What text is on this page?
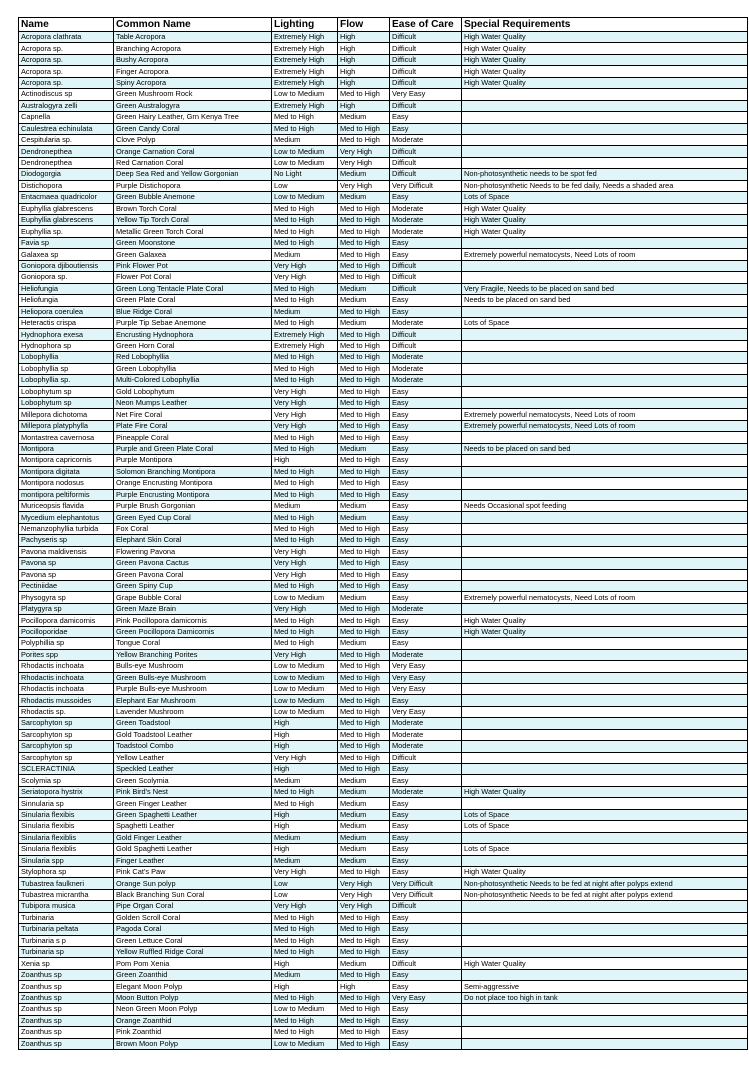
Name	Common Name	Lighting	Flow	Ease of Care	Special Requirements
Acropora clathrata	Table Acropora	Extremely High	High	Difficult	High Water Quality
Acropora sp.	Branching Acropora	Extremely High	High	Difficult	High Water Quality
Acropora sp.	Bushy Acropora	Extremely High	High	Difficult	High Water Quality
Acropora sp.	Finger Acropora	Extremely High	High	Difficult	High Water Quality
Acropora sp.	Spiny Acropora	Extremely High	High	Difficult	High Water Quality
Actinodiscus sp	Green Mushroom Rock	Low to Medium	Med to High	Very Easy	
Australogyra zelli	Green Australogyra	Extremely High	High	Difficult	
Capnella	Green Hairy Leather, Grn Kenya Tree	Med to High	Medium	Easy	
Caulestrea echinulata	Green Candy Coral	Med to High	Med to High	Easy	
Cespitularia sp.	Clove Polyp	Medium	Med to High	Moderate	
Dendronepthea	Orange Carnation Coral	Low to Medium	Very High	Difficult	
Dendronepthea	Red Carnation Coral	Low to Medium	Very High	Difficult	
Diodogorgia	Deep Sea Red and Yellow Gorgonian	No Light	Medium	Difficult	Non-photosynthetic needs to be spot fed
Distichopora	Purple Distichopora	Low	Very High	Very Difficult	Non-photosynthetic Needs to be fed daily, Needs a shaded area
Entacmaea quadricolor	Green Bubble Anemone	Low to Medium	Medium	Easy	Lots of Space
Euphyllia glabrescens	Brown Torch Coral	Med to High	Med to High	Moderate	High Water Quality
Euphyllia glabrescens	Yellow Tip Torch Coral	Med to High	Med to High	Moderate	High Water Quality
Euphyllia sp.	Metallic Green Torch Coral	Med to High	Med to High	Moderate	High Water Quality
Favia sp	Green Moonstone	Med to High	Med to High	Easy	
Galaxea sp	Green Galaxea	Medium	Med to High	Easy	Extremely powerful nematocysts, Need Lots of room
Goniopora djiboutiensis	Pink Flower Pot	Very High	Med to High	Difficult	
Goniopora sp.	Flower Pot Coral	Very High	Med to High	Difficult	
Heliofungia	Green Long Tentacle Plate Coral	Med to High	Medium	Difficult	Very Fragile, Needs to be placed on sand bed
Heliofungia	Green Plate Coral	Med to High	Medium	Easy	Needs to be placed on sand bed
Heliopora coerulea	Blue Ridge Coral	Medium	Med to High	Easy	
Heteractis crispa	Purple Tip Sebae Anemone	Med to High	Medium	Moderate	Lots of Space
Hydnophora exesa	Encrusting Hydnophora	Extremely High	Med to High	Difficult	
Hydnophora sp	Green Horn Coral	Extremely High	Med to High	Difficult	
Lobophyllia	Red Lobophyllia	Med to High	Med to High	Moderate	
Lobophyllia sp	Green Lobophyllia	Med to High	Med to High	Moderate	
Lobophyllia sp.	Multi-Colored Lobophyllia	Med to High	Med to High	Moderate	
Lobophytum sp	Gold Lobophytum	Very High	Med to High	Easy	
Lobophytum sp	Neon Mumps Leather	Very High	Med to High	Easy	
Millepora dichotoma	Net Fire Coral	Very High	Med to High	Easy	Extremely powerful nematocysts, Need Lots of room
Millepora platyphylla	Plate Fire Coral	Very High	Med to High	Easy	Extremely powerful nematocysts, Need Lots of room
Montastrea cavernosa	Pineapple Coral	Med to High	Med to High	Easy	
Montipora	Purple and Green Plate Coral	Med to High	Medium	Easy	Needs to be placed on sand bed
Montipora capricornis	Purple Montipora	High	Med to High	Easy	
Montipora digitata	Solomon Branching Montipora	Med to High	Med to High	Easy	
Montipora nodosus	Orange Encrusting Montipora	Med to High	Med to High	Easy	
montipora peltiformis	Purple Encrusting Montipora	Med to High	Med to High	Easy	
Muriceopsis flavida	Purple Brush Gorgonian	Medium	Medium	Easy	Needs Occasional spot feeding
Mycedium elephantotus	Green Eyed Cup Coral	Med to High	Medium	Easy	
Nemanzophyllia turbida	Fox Coral	Med to High	Med to High	Easy	
Pachyseris sp	Elephant Skin Coral	Med to High	Med to High	Easy	
Pavona maldivensis	Flowering Pavona	Very High	Med to High	Easy	
Pavona sp	Green Pavona Cactus	Very High	Med to High	Easy	
Pavona sp	Green Pavona Coral	Very High	Med to High	Easy	
Pectiniidae	Green Spiny Cup	Med to High	Med to High	Easy	
Physogyra sp	Grape Bubble Coral	Low to Medium	Medium	Easy	Extremely powerful nematocysts, Need Lots of room
Platygyra sp	Green Maze Brain	Very High	Med to High	Moderate	
Pocillopora damicornis	Pink Pocillopora damicornis	Med to High	Med to High	Easy	High Water Quality
Pocilloporidae	Green Pocillopora Damicornis	Med to High	Med to High	Easy	High Water Quality
Polyphillia sp	Tongue Coral	Med to High	Medium	Easy	
Porites spp	Yellow Branching Porites	Very High	Med to High	Moderate	
Rhodactis inchoata	Bulls-eye Mushroom	Low to Medium	Med to High	Very Easy	
Rhodactis inchoata	Green Bulls-eye Mushroom	Low to Medium	Med to High	Very Easy	
Rhodactis inchoata	Purple Bulls-eye Mushroom	Low to Medium	Med to High	Very Easy	
Rhodactis mussoides	Elephant Ear Mushroom	Low to Medium	Med to High	Easy	
Rhodactis sp.	Lavender Mushroom	Low to Medium	Med to High	Very Easy	
Sarcophyton sp	Green Toadstool	High	Med to High	Moderate	
Sarcophyton sp	Gold Toadstool Leather	High	Med to High	Moderate	
Sarcophyton sp	Toadstool Combo	High	Med to High	Moderate	
Sarcophyton sp	Yellow Leather	Very High	Med to High	Difficult	
SCLERACTINIA	Speckled Leather	High	Med to High	Easy	
Scolymia sp	Green Scolymia	Medium	Medium	Easy	
Seriatopora hystrix	Pink Bird's Nest	Med to High	Medium	Moderate	High Water Quality
Sinnularia sp	Green Finger Leather	Med to High	Medium	Easy	
Sinularia flexibis	Green Spaghetti Leather	High	Medium	Easy	Lots of Space
Sinularia flexibis	Spaghetti Leather	High	Medium	Easy	Lots of Space
Sinularia flexiblis	Gold Finger Leather	Medium	Medium	Easy	
Sinularia flexiblis	Gold Spaghetti Leather	High	Medium	Easy	Lots of Space
Sinularia spp	Finger Leather	Medium	Medium	Easy	
Stylophora sp	Pink Cat's Paw	Very High	Med to High	Easy	High Water Quality
Tubastrea faulkneri	Orange Sun polyp	Low	Very High	Very Difficult	Non-photosynthetic Needs to be fed at night after polyps extend
Tubastrea micrantha	Black Branching Sun Coral	Low	Very High	Very Difficult	Non-photosynthetic Needs to be fed at night after polyps extend
Tubipora musica	Pipe Organ Coral	Very High	Very High	Difficult	
Turbinaria	Golden Scroll Coral	Med to High	Med to High	Easy	
Turbinaria peltata	Pagoda Coral	Med to High	Med to High	Easy	
Turbinaria s p	Green Lettuce Coral	Med to High	Med to High	Easy	
Turbinaria sp	Yellow Ruffled Ridge Coral	Med to High	Med to High	Easy	
Xenia sp	Pom Pom Xenia	High	Medium	Difficult	High Water Quality
Zoanthus sp	Green Zoanthid	Medium	Med to High	Easy	
Zoanthus sp	Elegant Moon Polyp	High	High	Easy	Semi-aggressive
Zoanthus sp	Moon Button Polyp	Med to High	Med to High	Very Easy	Do not place too high in tank
Zoanthus sp	Neon Green Moon Polyp	Low to Medium	Med to High	Easy	
Zoanthus sp	Orange Zoanthid	Med to High	Med to High	Easy	
Zoanthus sp	Pink Zoanthid	Med to High	Med to High	Easy	
Zoanthus sp	Brown Moon Polyp	Low to Medium	Med to High	Easy	
